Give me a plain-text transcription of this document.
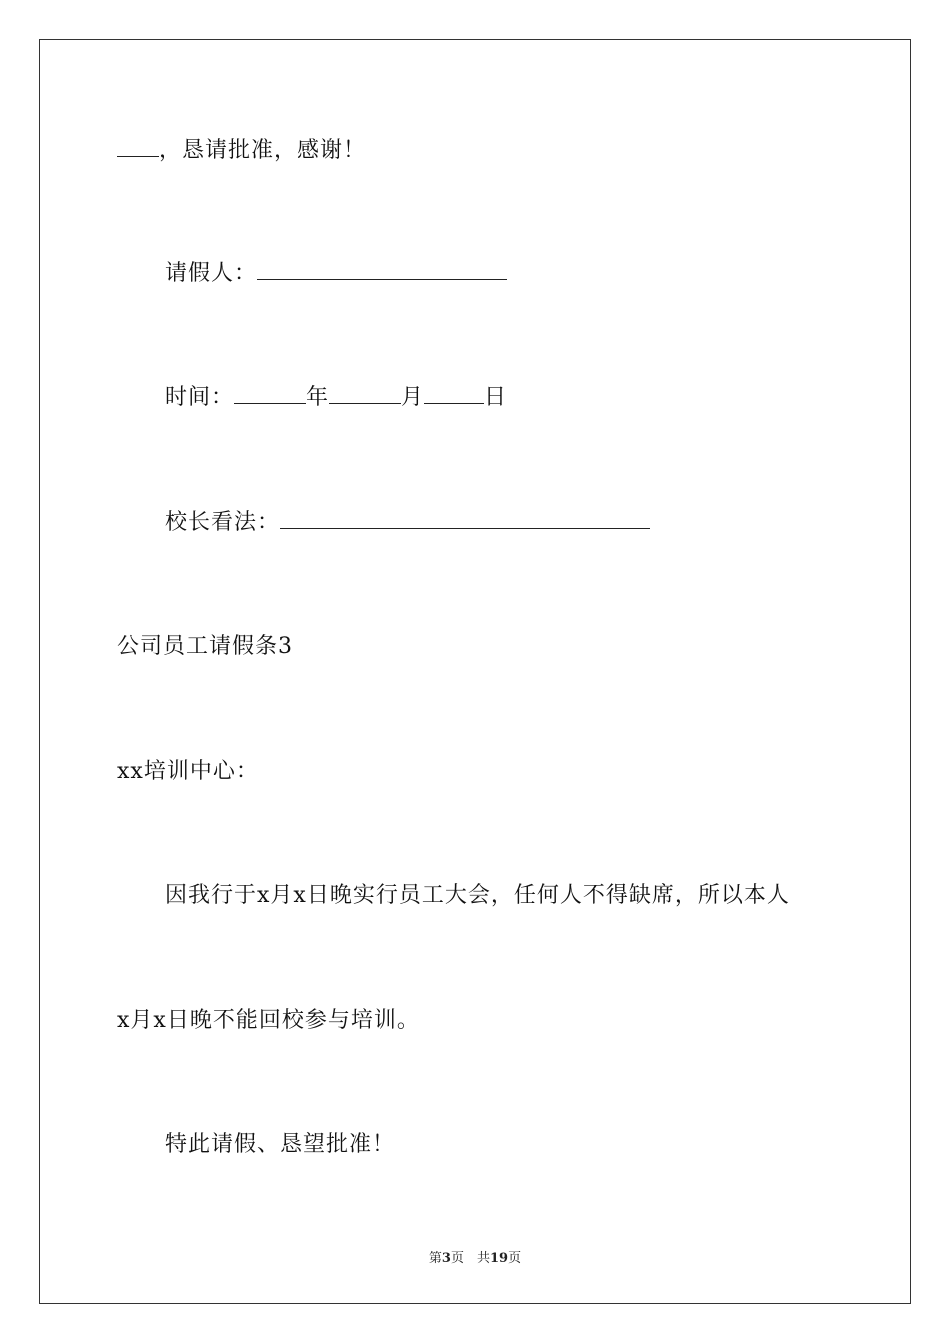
，恳请批准，感谢！
请假人：
时间：	年	月	日
校长看法：
公司员工请假条3
xx培训中心：
因我行于x月x日晚实行员工大会，任何人不得缺席，所以本人
x月x日晚不能回校参与培训。
特此请假、恳望批准！
第3页　共19页
